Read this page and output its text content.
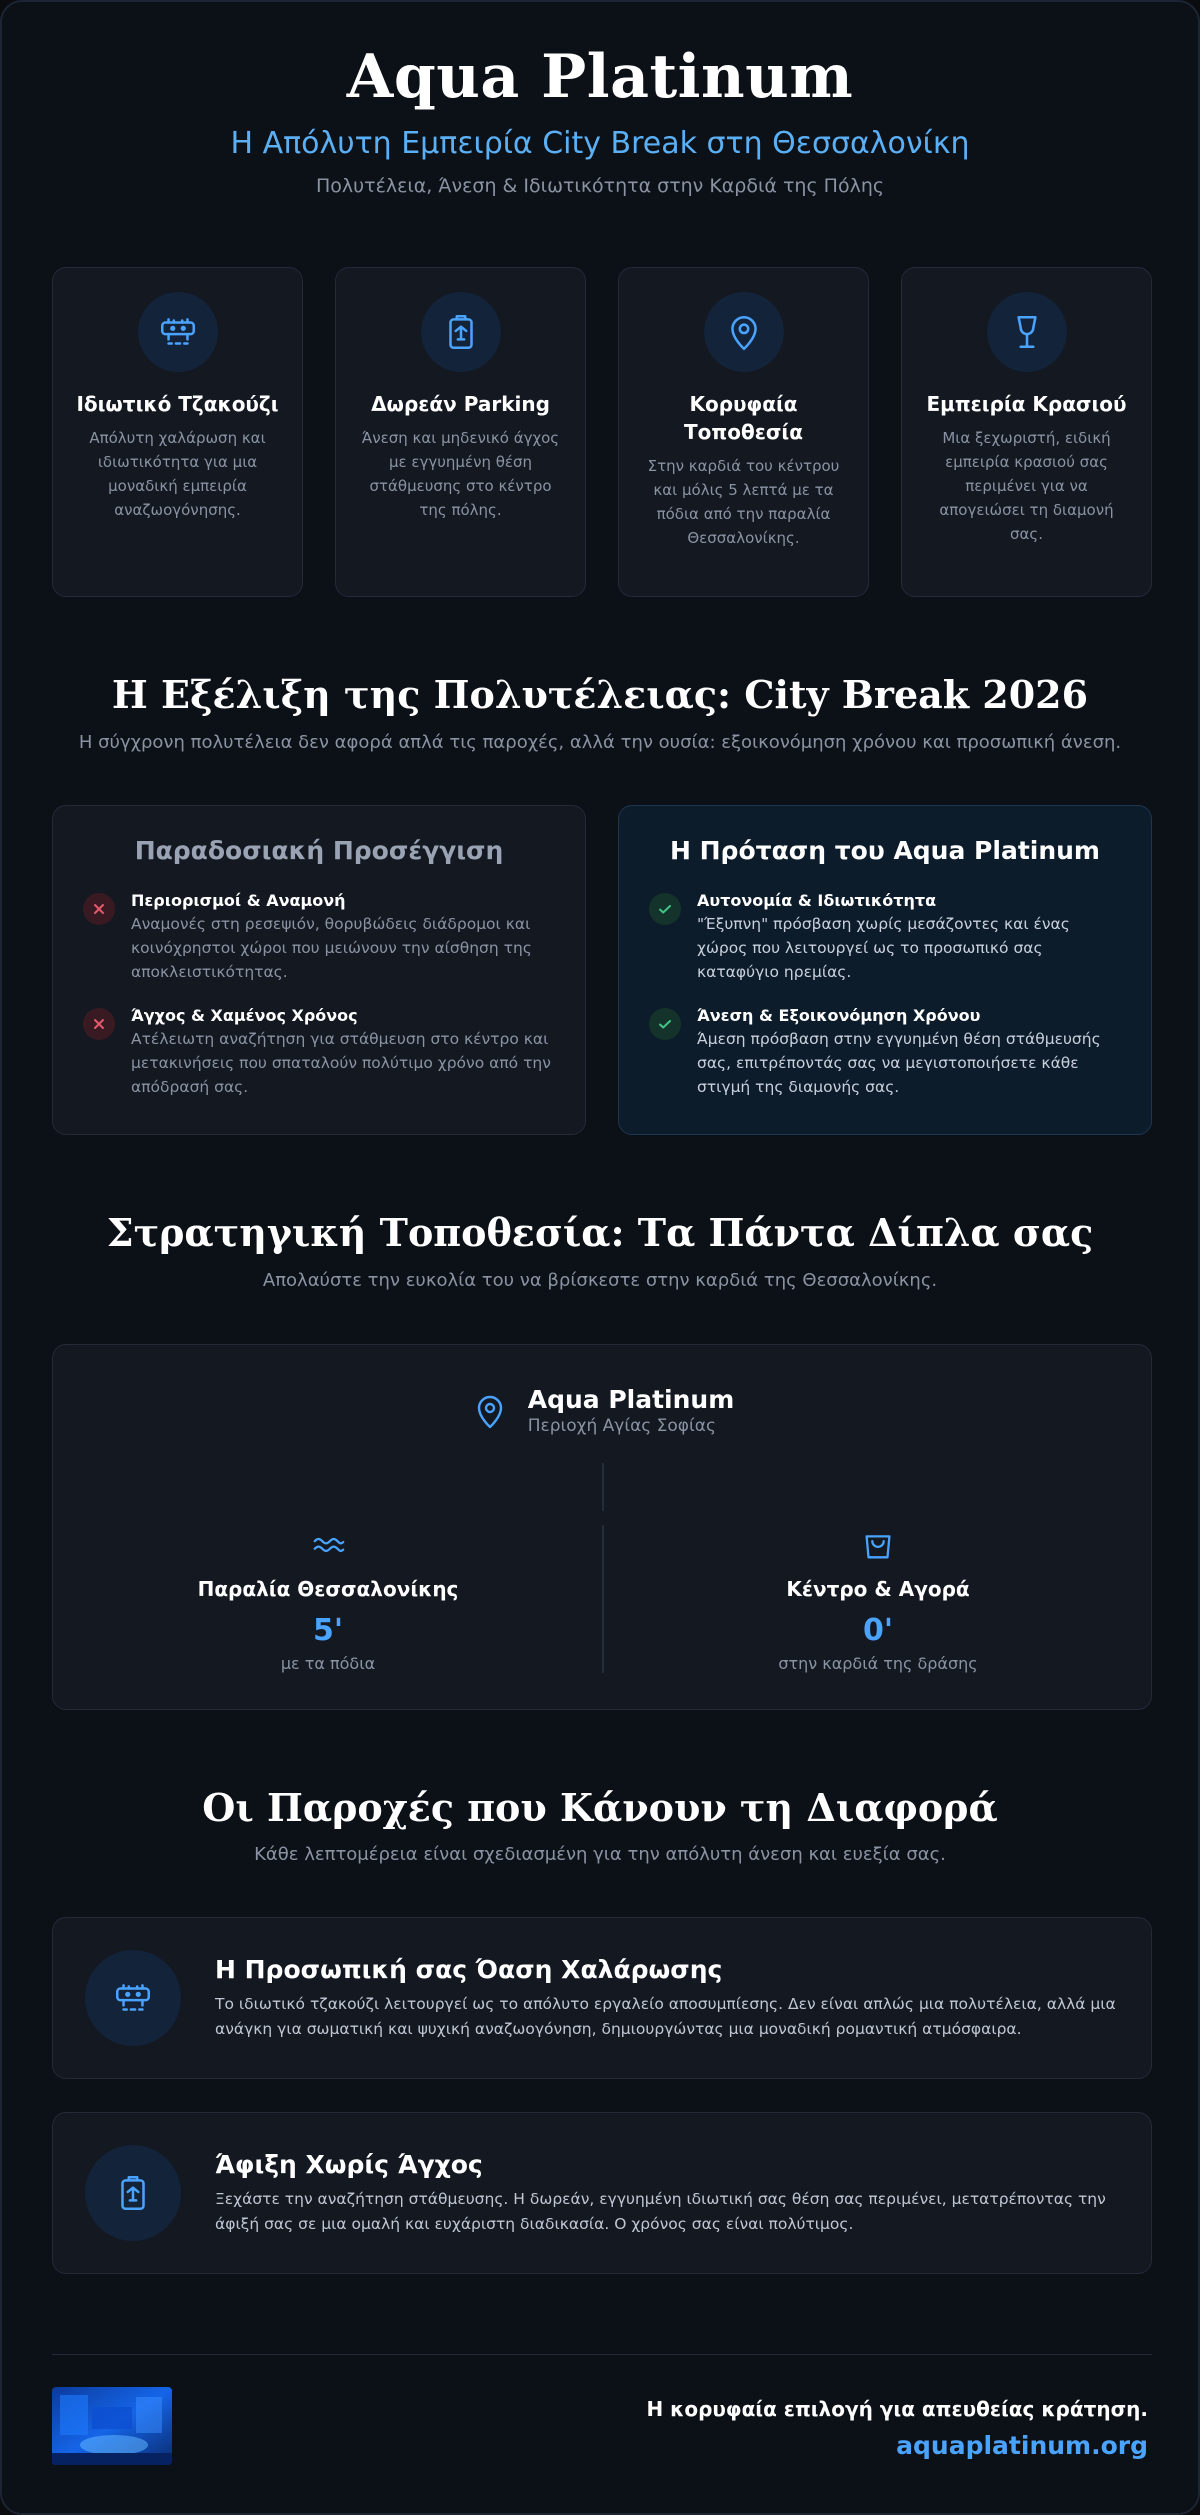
Aqua Platinum
Η Απόλυτη Εμπειρία City Break στη Θεσσαλονίκη
Πολυτέλεια, Άνεση & Ιδιωτικότητα στην Καρδιά της Πόλης
Ιδιωτικό Τζακούζι
Απόλυτη χαλάρωση και ιδιωτικότητα για μια μοναδική εμπειρία αναζωογόνησης.
Δωρεάν Parking
Άνεση και μηδενικό άγχος με εγγυημένη θέση στάθμευσης στο κέντρο της πόλης.
Κορυφαία Τοποθεσία
Στην καρδιά του κέντρου και μόλις 5 λεπτά με τα πόδια από την παραλία Θεσσαλονίκης.
Εμπειρία Κρασιού
Μια ξεχωριστή, ειδική εμπειρία κρασιού σας περιμένει για να απογειώσει τη διαμονή σας.
Η Εξέλιξη της Πολυτέλειας: City Break 2026
Η σύγχρονη πολυτέλεια δεν αφορά απλά τις παροχές, αλλά την ουσία: εξοικονόμηση χρόνου και προσωπική άνεση.
Παραδοσιακή Προσέγγιση
Περιορισμοί & Αναμονή
Αναμονές στη ρεσεψιόν, θορυβώδεις διάδρομοι και κοινόχρηστοι χώροι που μειώνουν την αίσθηση της αποκλειστικότητας.
Άγχος & Χαμένος Χρόνος
Ατέλειωτη αναζήτηση για στάθμευση στο κέντρο και μετακινήσεις που σπαταλούν πολύτιμο χρόνο από την απόδρασή σας.
Η Πρόταση του Aqua Platinum
Αυτονομία & Ιδιωτικότητα
"Έξυπνη" πρόσβαση χωρίς μεσάζοντες και ένας χώρος που λειτουργεί ως το προσωπικό σας καταφύγιο ηρεμίας.
Άνεση & Εξοικονόμηση Χρόνου
Άμεση πρόσβαση στην εγγυημένη θέση στάθμευσής σας, επιτρέποντάς σας να μεγιστοποιήσετε κάθε στιγμή της διαμονής σας.
Στρατηγική Τοποθεσία: Τα Πάντα Δίπλα σας
Απολαύστε την ευκολία του να βρίσκεστε στην καρδιά της Θεσσαλονίκης.
Aqua Platinum
Περιοχή Αγίας Σοφίας
Παραλία Θεσσαλονίκης
5'
με τα πόδια
Κέντρο & Αγορά
0'
στην καρδιά της δράσης
Οι Παροχές που Κάνουν τη Διαφορά
Κάθε λεπτομέρεια είναι σχεδιασμένη για την απόλυτη άνεση και ευεξία σας.
Η Προσωπική σας Όαση Χαλάρωσης
Το ιδιωτικό τζακούζι λειτουργεί ως το απόλυτο εργαλείο αποσυμπίεσης. Δεν είναι απλώς μια πολυτέλεια, αλλά μια ανάγκη για σωματική και ψυχική αναζωογόνηση, δημιουργώντας μια μοναδική ρομαντική ατμόσφαιρα.
Άφιξη Χωρίς Άγχος
Ξεχάστε την αναζήτηση στάθμευσης. Η δωρεάν, εγγυημένη ιδιωτική σας θέση σας περιμένει, μετατρέποντας την άφιξή σας σε μια ομαλή και ευχάριστη διαδικασία. Ο χρόνος σας είναι πολύτιμος.
Η κορυφαία επιλογή για απευθείας κράτηση.
aquaplatinum.org
